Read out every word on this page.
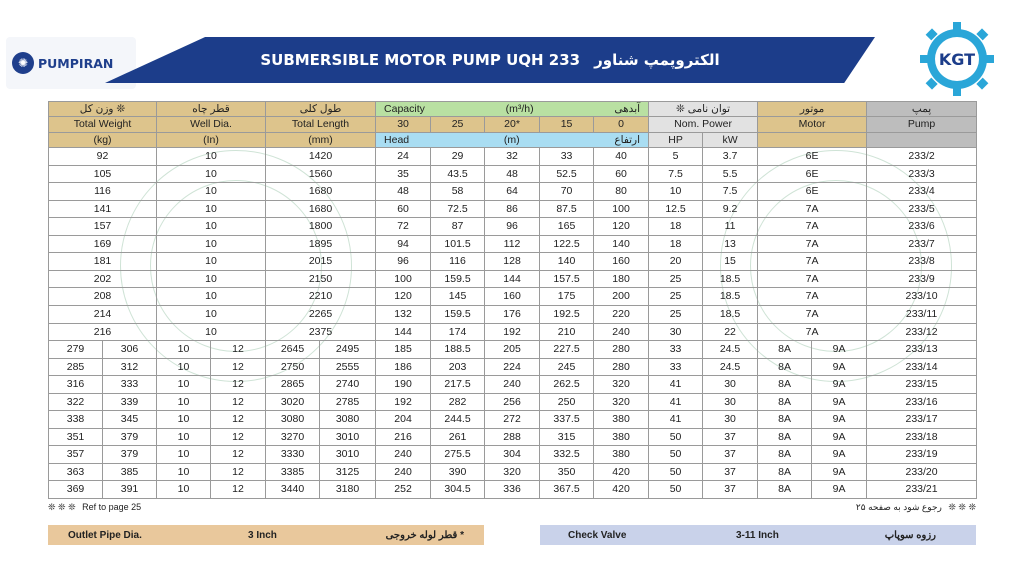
✺ PUMPIRAN	SUBMERSIBLE MOTOR PUMP UQH 233 الکتروپمپ شناور	KGT
وزن کل ❊		قطر چاه		طول کلی		Capacity (m³/h) آبدهی					❊ توان نامی		موتور		پمپ
Total Weight		Well Dia.		Total Length		30	25	20*	15	0	Nom. Power		Motor		Pump
(kg)		(In)		(mm)		Head (m) ارتفاع					HP	kW			
92		10		1420		24	29	32	33	40	5	3.7	6E		233/2
105		10		1560		35	43.5	48	52.5	60	7.5	5.5	6E		233/3
116		10		1680		48	58	64	70	80	10	7.5	6E		233/4
141		10		1680		60	72.5	86	87.5	100	12.5	9.2	7A		233/5
157		10		1800		72	87	96	165	120	18	11	7A		233/6
169		10		1895		94	101.5	112	122.5	140	18	13	7A		233/7
181		10		2015		96	116	128	140	160	20	15	7A		233/8
202		10		2150		100	159.5	144	157.5	180	25	18.5	7A		233/9
208		10		2210		120	145	160	175	200	25	18.5	7A		233/10
214		10		2265		132	159.5	176	192.5	220	25	18.5	7A		233/11
216		10		2375		144	174	192	210	240	30	22	7A		233/12
279	306	10	12	2645	2495	185	188.5	205	227.5	280	33	24.5	8A	9A	233/13
285	312	10	12	2750	2555	186	203	224	245	280	33	24.5	8A	9A	233/14
316	333	10	12	2865	2740	190	217.5	240	262.5	320	41	30	8A	9A	233/15
322	339	10	12	3020	2785	192	282	256	250	320	41	30	8A	9A	233/16
338	345	10	12	3080	3080	204	244.5	272	337.5	380	41	30	8A	9A	233/17
351	379	10	12	3270	3010	216	261	288	315	380	50	37	8A	9A	233/18
357	379	10	12	3330	3010	240	275.5	304	332.5	380	50	37	8A	9A	233/19
363	385	10	12	3385	3125	240	390	320	350	420	50	37	8A	9A	233/20
369	391	10	12	3440	3180	252	304.5	336	367.5	420	50	37	8A	9A	233/21
❊ ❊ ❊ Ref to page 25	❊ ❊ ❊ رجوع شود به صفحه ۲۵
Outlet Pipe Dia.	3 Inch	* قطر لوله خروجی	Check Valve	3-11 Inch	رزوه سوپاپ
